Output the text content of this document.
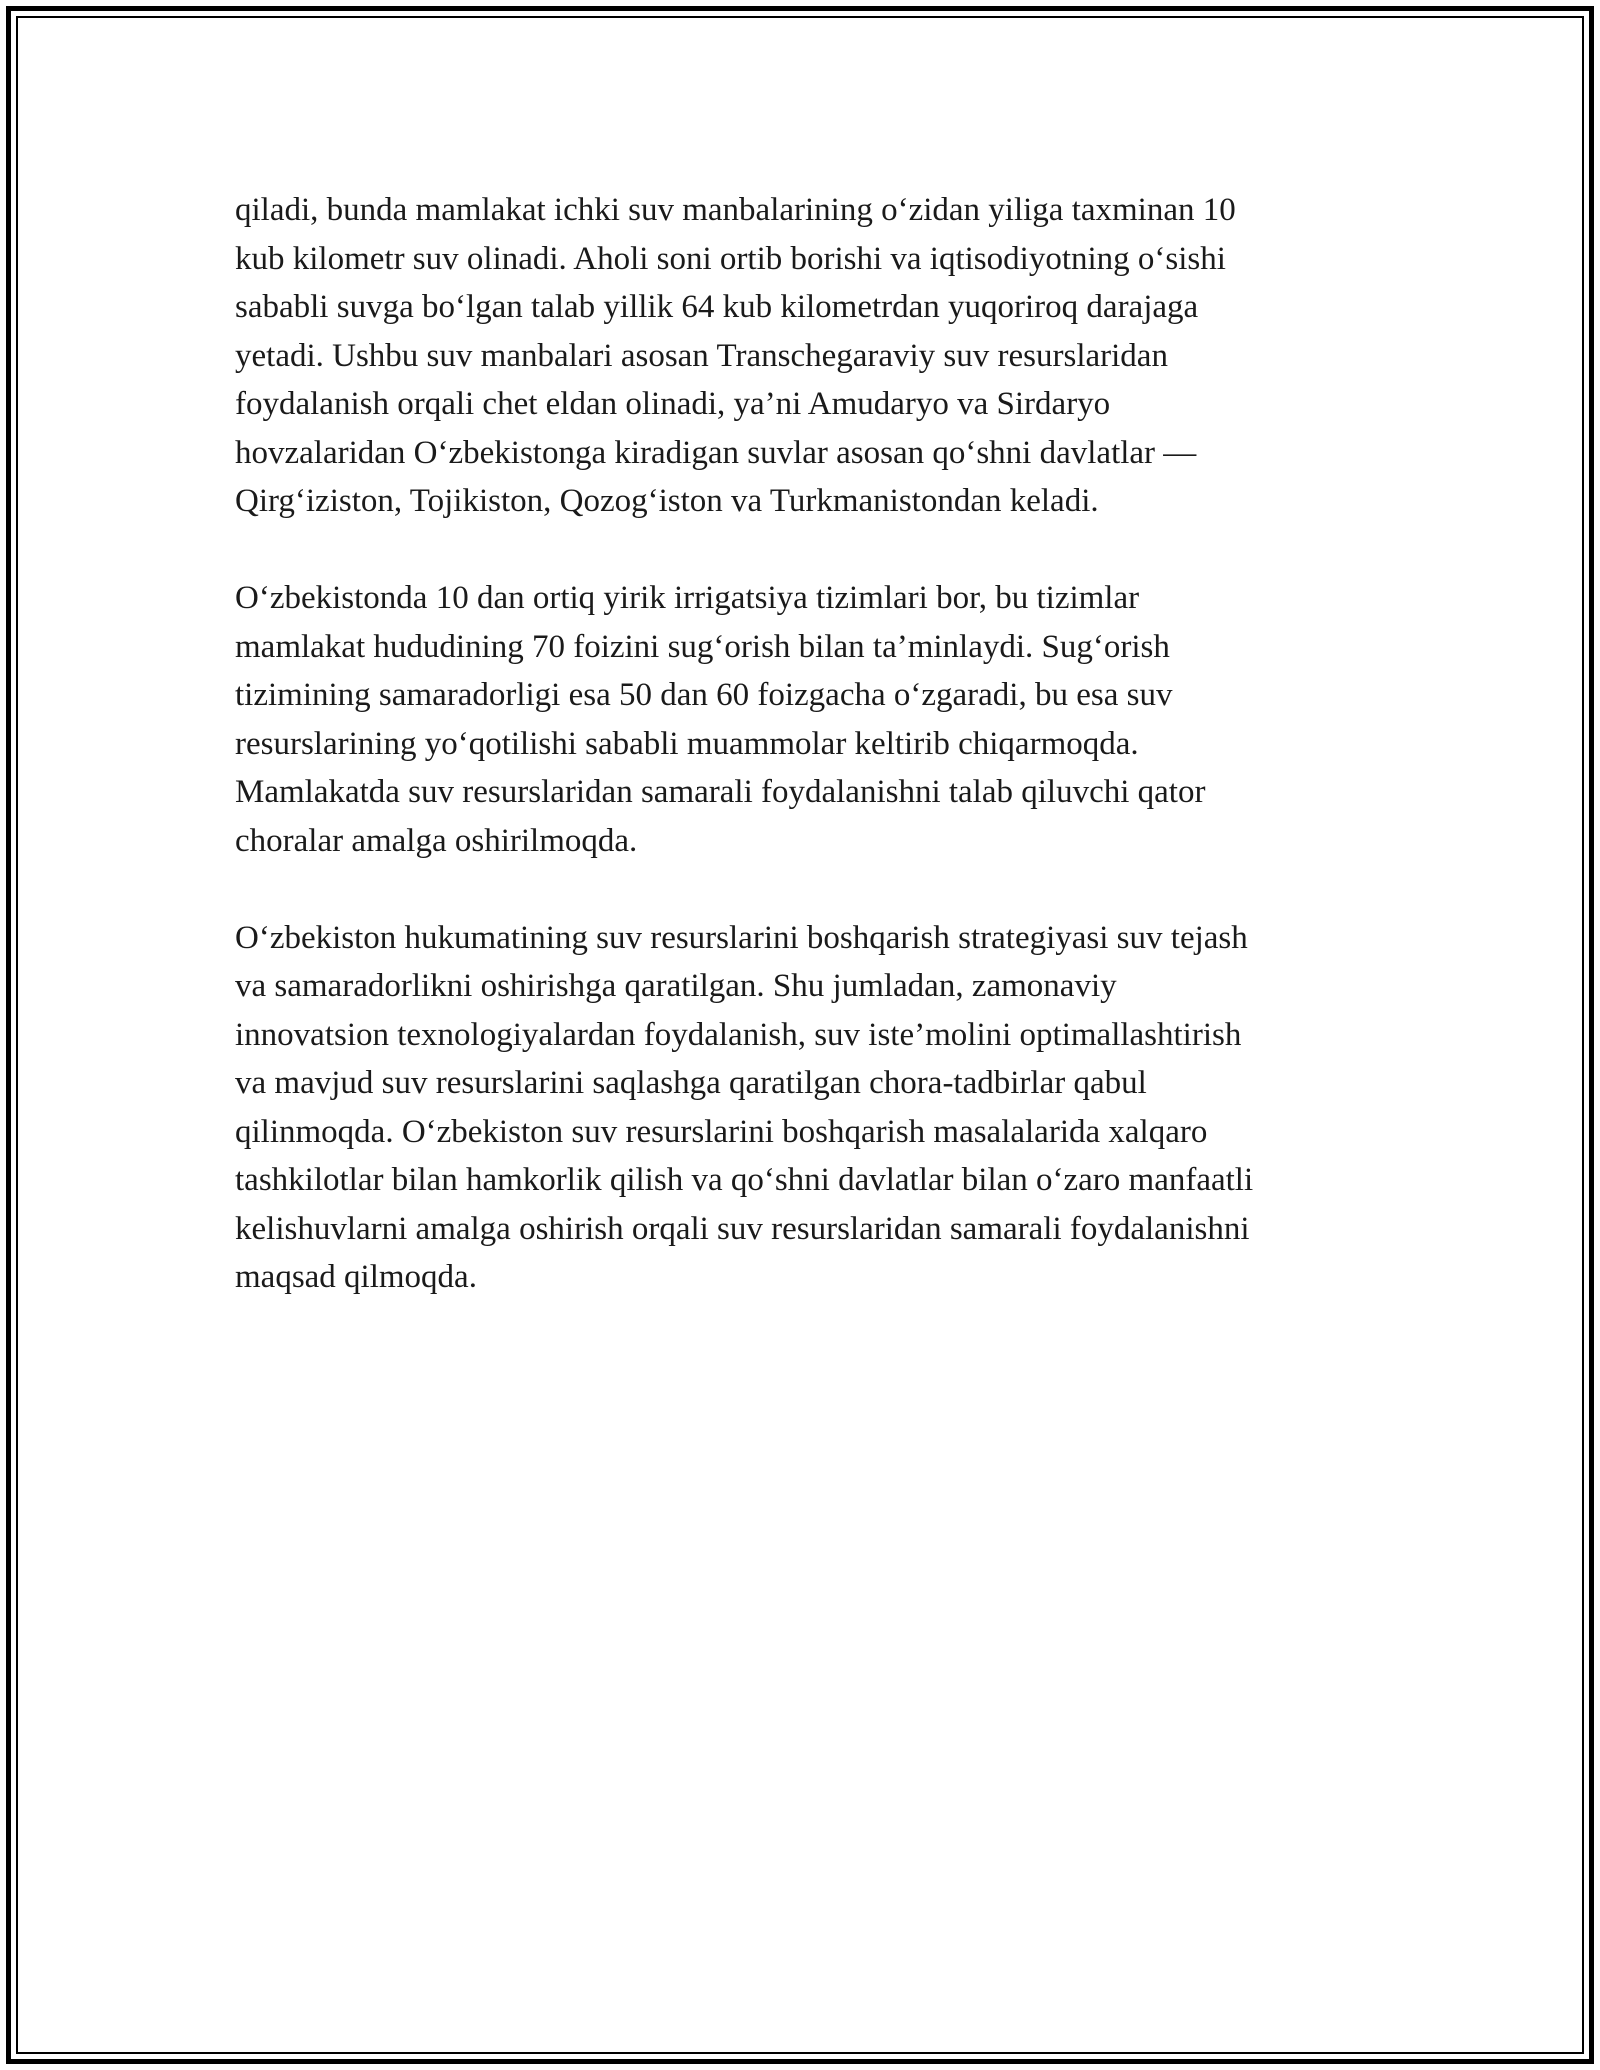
qiladi, bunda mamlakat ichki suv manbalarining o‘zidan yiliga taxminan 10
kub kilometr suv olinadi. Aholi soni ortib borishi va iqtisodiyotning o‘sishi
sababli suvga bo‘lgan talab yillik 64 kub kilometrdan yuqoriroq darajaga
yetadi. Ushbu suv manbalari asosan Transchegaraviy suv resurslaridan
foydalanish orqali chet eldan olinadi, ya’ni Amudaryo va Sirdaryo
hovzalaridan O‘zbekistonga kiradigan suvlar asosan qo‘shni davlatlar —
Qirg‘iziston, Tojikiston, Qozog‘iston va Turkmanistondan keladi.

O‘zbekistonda 10 dan ortiq yirik irrigatsiya tizimlari bor, bu tizimlar
mamlakat hududining 70 foizini sug‘orish bilan ta’minlaydi. Sug‘orish
tizimining samaradorligi esa 50 dan 60 foizgacha o‘zgaradi, bu esa suv
resurslarining yo‘qotilishi sababli muammolar keltirib chiqarmoqda.
Mamlakatda suv resurslaridan samarali foydalanishni talab qiluvchi qator
choralar amalga oshirilmoqda.

O‘zbekiston hukumatining suv resurslarini boshqarish strategiyasi suv tejash
va samaradorlikni oshirishga qaratilgan. Shu jumladan, zamonaviy
innovatsion texnologiyalardan foydalanish, suv iste’molini optimallashtirish
va mavjud suv resurslarini saqlashga qaratilgan chora-tadbirlar qabul
qilinmoqda. O‘zbekiston suv resurslarini boshqarish masalalarida xalqaro
tashkilotlar bilan hamkorlik qilish va qo‘shni davlatlar bilan o‘zaro manfaatli
kelishuvlarni amalga oshirish orqali suv resurslaridan samarali foydalanishni
maqsad qilmoqda.
